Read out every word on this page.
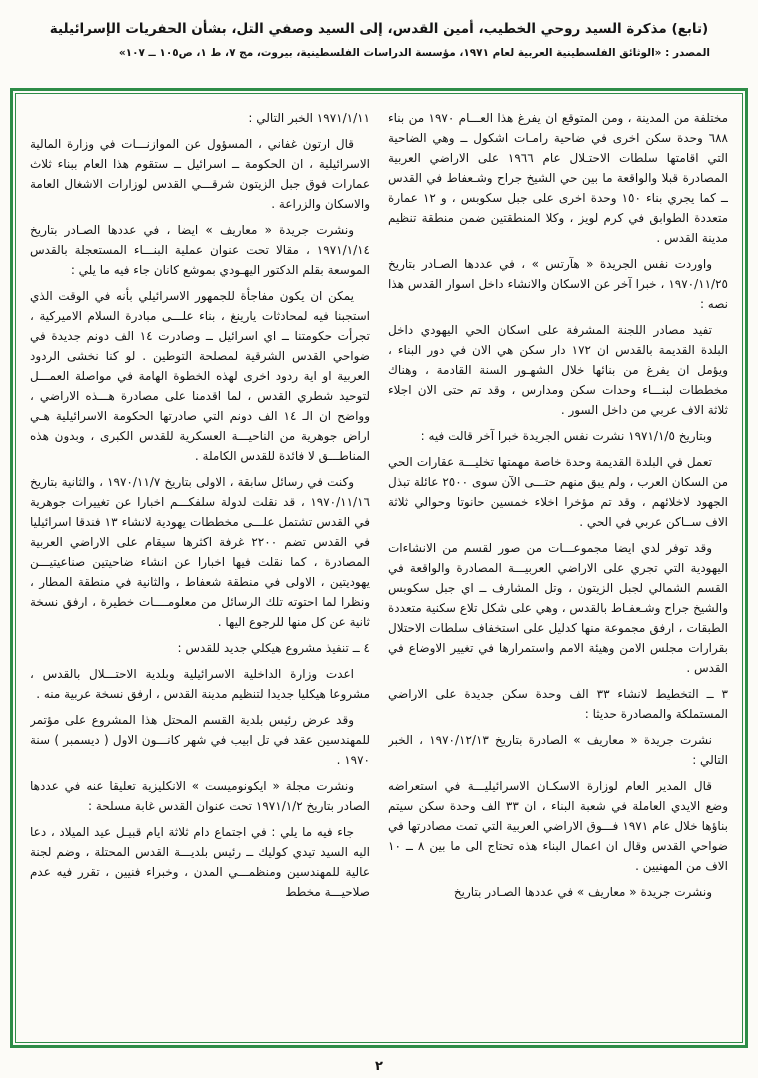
(تابع) مذكرة السيد روحي الخطيب، أمين القدس، إلى السيد وصفي التل، بشأن الحفريات الإسرائيلية
المصدر : «الوثائق الفلسطينية العربية لعام ١٩٧١، مؤسسة الدراسات الفلسطينية، بيروت، مج ٧، ط ١، ص١٠٥ ــ ١٠٧»

مختلفة من المدينة ، ومن المتوقع ان يفرغ هذا العـــام ١٩٧٠ من بناء ٦٨٨ وحدة سكن اخرى في ضاحية رامـات اشكول ــ وهي الضاحية التي اقامتها سلطات الاحتـلال عام ١٩٦٦ على الاراضي العربية المصادرة قبلا والواقعة ما بين حي الشيخ جراح وشـعفاط في القدس ــ كما يجري بناء ١٥٠ وحدة اخرى على جبل سكوبس ، و ١٢ عمارة متعددة الطوابق في كرم لويز ، وكلا المنطقتين ضمن منطقة تنظيم مدينة القدس .

واوردت نفس الجريدة « هآرتس » ، في عددها الصـادر بتاريخ ١٩٧٠/١١/٢٥ ، خبرا آخر عن الاسكان والانشاء داخل اسوار القدس هذا نصه :

تفيد مصادر اللجنة المشرفة على اسكان الحي اليهودي داخل البلدة القديمة بالقدس ان ١٧٢ دار سكن هي الان في دور البناء ، ويؤمل ان يفرغ من بنائها خلال الشهـور السنة القادمة ، وهناك مخططات لبنـــاء وحدات سكن ومدارس ، وقد تم حتى الان اجلاء ثلاثة الاف عربي من داخل السور .

وبتاريخ ١٩٧١/١/٥ نشرت نفس الجريدة خبرا آخر قالت فيه :

تعمل في البلدة القديمة وحدة خاصة مهمتها تخليـــة عقارات الحي من السكان العرب ، ولم يبق منهم حتـــى الآن سوى ٢٥٠٠ عائلة تبذل الجهود لاخلائهم ، وقد تم مؤخرا اخلاء خمسين حانوتا وحوالي ثلاثة الاف ســاكن عربي في الحي .

وقد توفر لدي ايضا مجموعـــات من صور لقسم من الانشاءات اليهودية التي تجري على الاراضي العربيـــة المصادرة والواقعة في القسم الشمالي لجبل الزيتون ، وتل المشارف ــ اي جبل سكوبس والشيخ جراح وشـعفـاط بالقدس ، وهي على شكل تلاع سكنية متعددة الطبقات ، ارفق مجموعة منها كدليل على استخفاف سلطات الاحتلال بقرارات مجلس الامن وهيئة الامم واستمرارها في تغيير الاوضاع في القدس .

٣ ــ التخطيط لانشاء ٣٣ الف وحدة سكن جديدة على الاراضي المستملكة والمصادرة حديثا :

نشرت جريدة « معاريف » الصادرة بتاريخ ١٩٧٠/١٢/١٣ ، الخبر التالي :

قال المدير العام لوزارة الاسكـان الاسرائيليـــة في استعراضه وضع الايدي العاملة في شعبة البناء ، ان ٣٣ الف وحدة سكن سيتم بناؤها خلال عام ١٩٧١ فـــوق الاراضي العربية التي تمت مصادرتها في ضواحي القدس وقال ان اعمال البناء هذه تحتاج الى ما بين ٨ ــ ١٠ الاف من المهنيين .

ونشرت جريدة « معاريف » في عددها الصـادر بتاريخ

١٩٧١/١/١١ الخبر التالي :

قال ارتون غفاني ، المسؤول عن الموازنـــات في وزارة المالية الاسرائيلية ، ان الحكومة ــ اسرائيل ــ ستقوم هذا العام ببناء ثلاث عمارات فوق جبل الزيتون شرقـــي القدس لوزارات الاشغال العامة والاسكان والزراعة .

ونشرت جريدة « معاريف » ايضا ، في عددها الصـادر بتاريخ ١٩٧١/١/١٤ ، مقالا تحت عنوان عملية البنـــاء المستعجلة بالقدس الموسعة بقلم الدكتور اليهـودي بموشع كانان جاء فيه ما يلي :

يمكن ان يكون مفاجأة للجمهور الاسرائيلي بأنه في الوقت الذي استجبنا فيه لمحادثات يارينغ ، بناء علـــى مبادرة السلام الاميركية ، تجرأت حكومتنا ــ اي اسرائيل ــ وصادرت ١٤ الف دونم جديدة في ضواحي القدس الشرقية لمصلحة التوطين . لو كنا نخشى الردود العربية او اية ردود اخرى لهذه الخطوة الهامة في مواصلة العمـــل لتوحيد شطري القدس ، لما اقدمنا على مصادرة هـــذه الاراضي ، وواضح ان الـ ١٤ الف دونم التي صادرتها الحكومة الاسرائيلية هـي اراض جوهرية من الناحيـــة العسكرية للقدس الكبرى ، وبدون هذه المناطـــق لا فائدة للقدس الكاملة .

وكنت في رسائل سابقة ، الاولى بتاريخ ١٩٧٠/١١/٧ ، والثانية بتاريخ ١٩٧٠/١١/١٦ ، قد نقلت لدولة سلفكـــم اخبارا عن تغييرات جوهرية في القدس تشتمل علـــى مخططات يهودية لانشاء ١٣ فندقا اسرائيليا في القدس تضم ٢٢٠٠ غرفة اكثرها سيقام على الاراضي العربية المصادرة ، كما نقلت فيها اخبارا عن انشاء ضاحيتين صناعيتيـــن يهوديتين ، الاولى في منطقة شعفاط ، والثانية في منطقة المطار ، ونظرا لما احتوته تلك الرسائل من معلومــــات خطيرة ، ارفق نسخة ثانية عن كل منها للرجوع اليها .

٤ ــ تنفيذ مشروع هيكلي جديد للقدس :

اعدت وزارة الداخلية الاسرائيلية وبلدية الاحتـــلال بالقدس ، مشروعا هيكليا جديدا لتنظيم مدينة القدس ، ارفق نسخة عربية منه .

وقد عرض رئيس بلدية القسم المحتل هذا المشروع على مؤتمر للمهندسين عقد في تل ابيب في شهر كانـــون الاول ( ديسمبر ) سنة ١٩٧٠ .

ونشرت مجلة « ايكونوميست » الانكليزية تعليقا عنه في عددها الصادر بتاريخ ١٩٧١/١/٢ تحت عنوان القدس غابة مسلحة :

جاء فيه ما يلي : في اجتماع دام ثلاثة ايام قبيـل عيد الميلاد ، دعا اليه السيد تيدي كوليك ــ رئيس بلديـــة القدس المحتلة ، وضم لجنة عالية للمهندسين ومنظمـــي المدن ، وخبراء فنيين ، تقرر فيه عدم صلاحيـــة مخطط

٢
